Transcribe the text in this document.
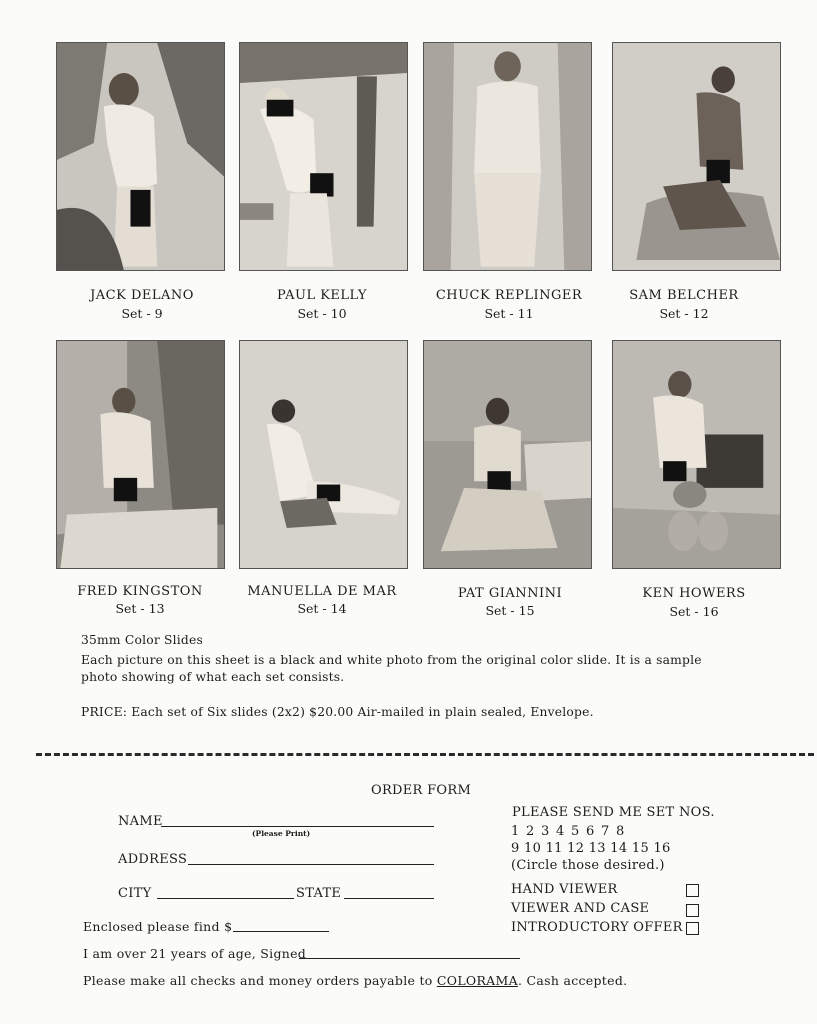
JACK DELANO
Set - 9
PAUL KELLY
Set - 10
CHUCK REPLINGER
Set - 11
SAM BELCHER
Set - 12
FRED KINGSTON
Set - 13
MANUELLA DE MAR
Set - 14
PAT GIANNINI
Set - 15
KEN HOWERS
Set - 16
35mm Color Slides
Each picture on this sheet is a black and white photo from the original color slide. It is a sample
photo showing of what each set consists.
PRICE: Each set of Six slides (2x2) $20.00 Air-mailed in plain sealed, Envelope.
ORDER FORM
NAME
(Please Print)
ADDRESS
CITY	STATE
Enclosed please find $
I am over 21 years of age, Signed
Please make all checks and money orders payable to COLORAMA. Cash accepted.
PLEASE SEND ME SET NOS.
1 2 3 4 5 6 7 8
9 10 11 12 13 14 15 16
(Circle those desired.)
HAND VIEWER
VIEWER AND CASE
INTRODUCTORY OFFER
